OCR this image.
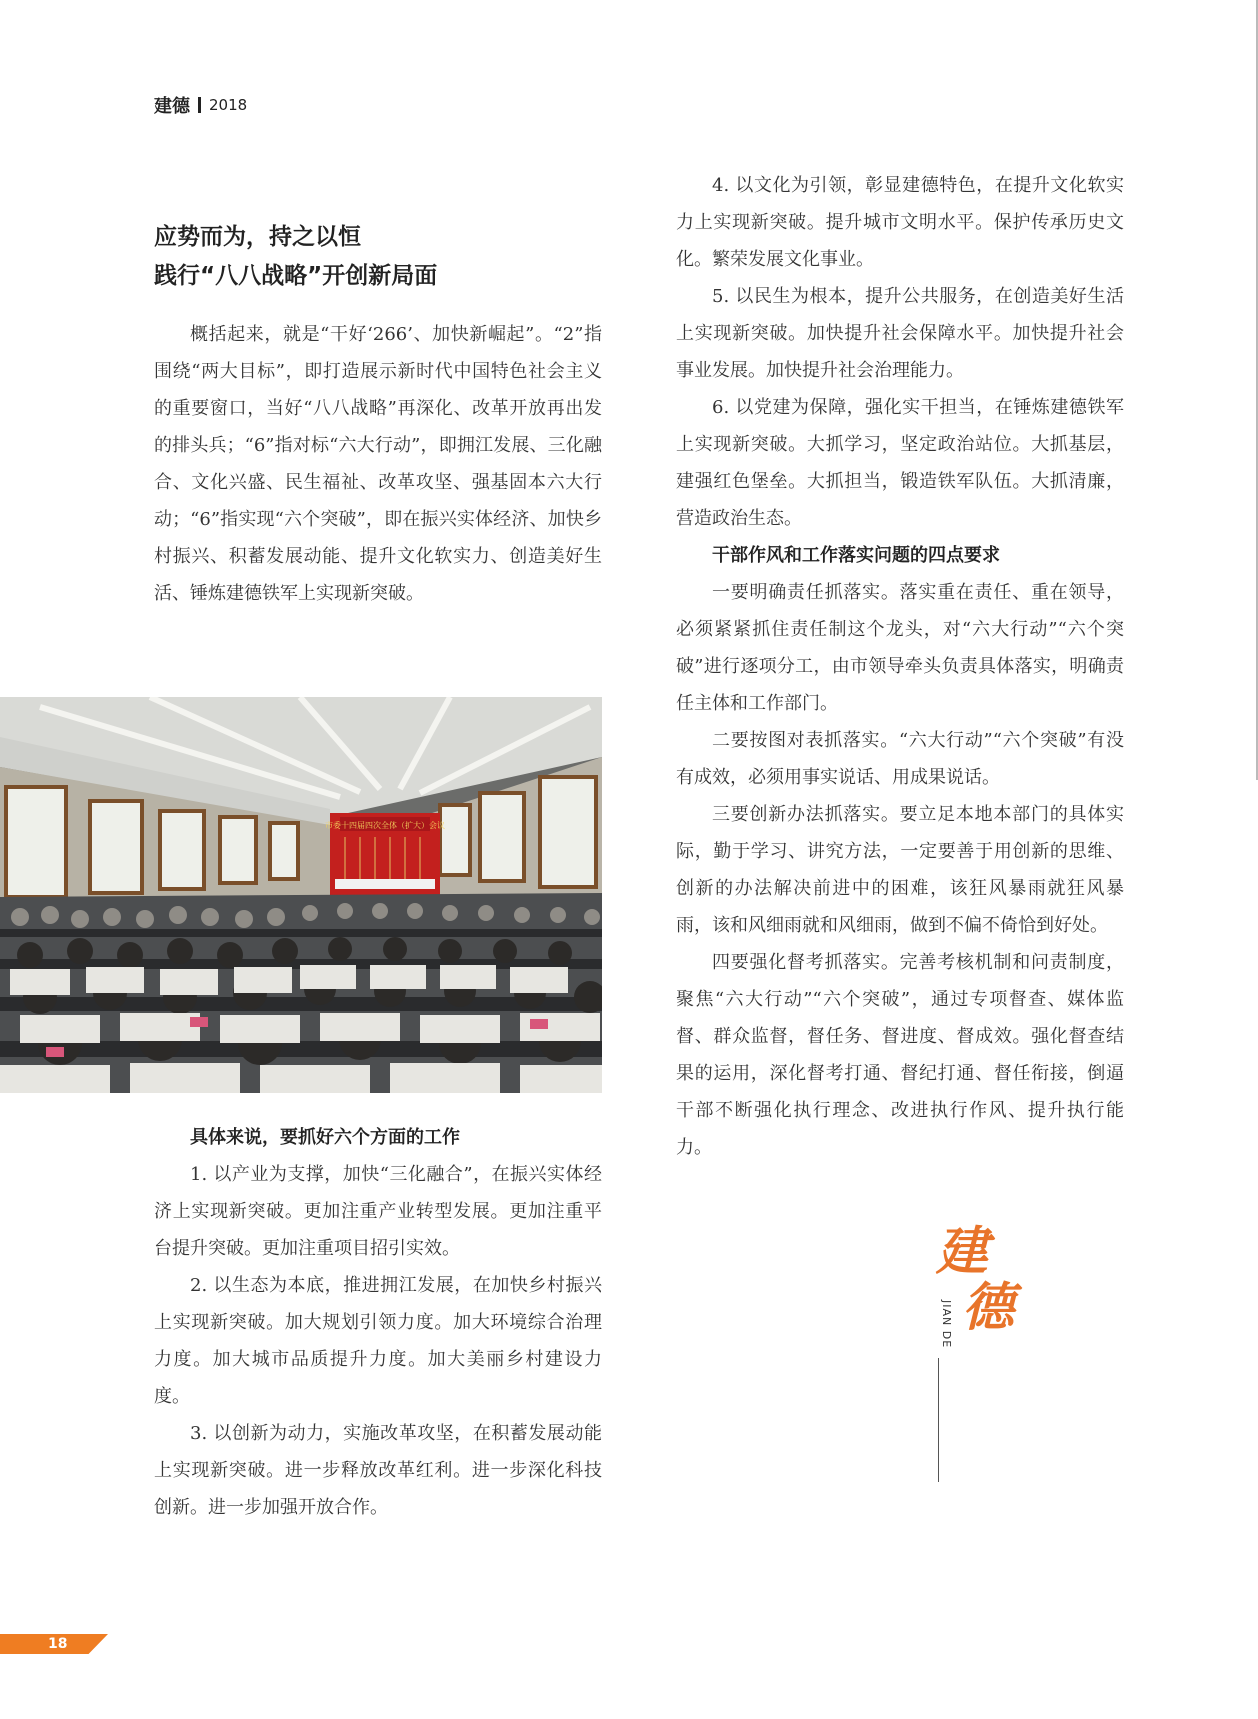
建德 2018
应势而为，持之以恒
践行“八八战略”开创新局面

概括起来，就是“干好‘266’、加快新崛起”。“2”指围绕“两大目标”，即打造展示新时代中国特色社会主义的重要窗口，当好“八八战略”再深化、改革开放再出发的排头兵；“6”指对标“六大行动”，即拥江发展、三化融合、文化兴盛、民生福祉、改革攻坚、强基固本六大行动；“6”指实现“六个突破”，即在振兴实体经济、加快乡村振兴、积蓄发展动能、提升文化软实力、创造美好生活、锤炼建德铁军上实现新突破。

市委十四届四次全体（扩大）会议
具体来说，要抓好六个方面的工作

1. 以产业为支撑，加快“三化融合”，在振兴实体经济上实现新突破。更加注重产业转型发展。更加注重平台提升突破。更加注重项目招引实效。

2. 以生态为本底，推进拥江发展，在加快乡村振兴上实现新突破。加大规划引领力度。加大环境综合治理力度。加大城市品质提升力度。加大美丽乡村建设力度。

3. 以创新为动力，实施改革攻坚，在积蓄发展动能上实现新突破。进一步释放改革红利。进一步深化科技创新。进一步加强开放合作。

4. 以文化为引领，彰显建德特色，在提升文化软实力上实现新突破。提升城市文明水平。保护传承历史文化。繁荣发展文化事业。

5. 以民生为根本，提升公共服务，在创造美好生活上实现新突破。加快提升社会保障水平。加快提升社会事业发展。加快提升社会治理能力。

6. 以党建为保障，强化实干担当，在锤炼建德铁军上实现新突破。大抓学习，坚定政治站位。大抓基层，建强红色堡垒。大抓担当，锻造铁军队伍。大抓清廉，营造政治生态。

干部作风和工作落实问题的四点要求

一要明确责任抓落实。落实重在责任、重在领导，必须紧紧抓住责任制这个龙头，对“六大行动”“六个突破”进行逐项分工，由市领导牵头负责具体落实，明确责任主体和工作部门。

二要按图对表抓落实。“六大行动”“六个突破”有没有成效，必须用事实说话、用成果说话。

三要创新办法抓落实。要立足本地本部门的具体实际，勤于学习、讲究方法，一定要善于用创新的思维、创新的办法解决前进中的困难，该狂风暴雨就狂风暴雨，该和风细雨就和风细雨，做到不偏不倚恰到好处。

四要强化督考抓落实。完善考核机制和问责制度，聚焦“六大行动”“六个突破”，通过专项督查、媒体监督、群众监督，督任务、督进度、督成效。强化督查结果的运用，深化督考打通、督纪打通、督任衔接，倒逼干部不断强化执行理念、改进执行作风、提升执行能力。

建
德
JIAN DE
18
